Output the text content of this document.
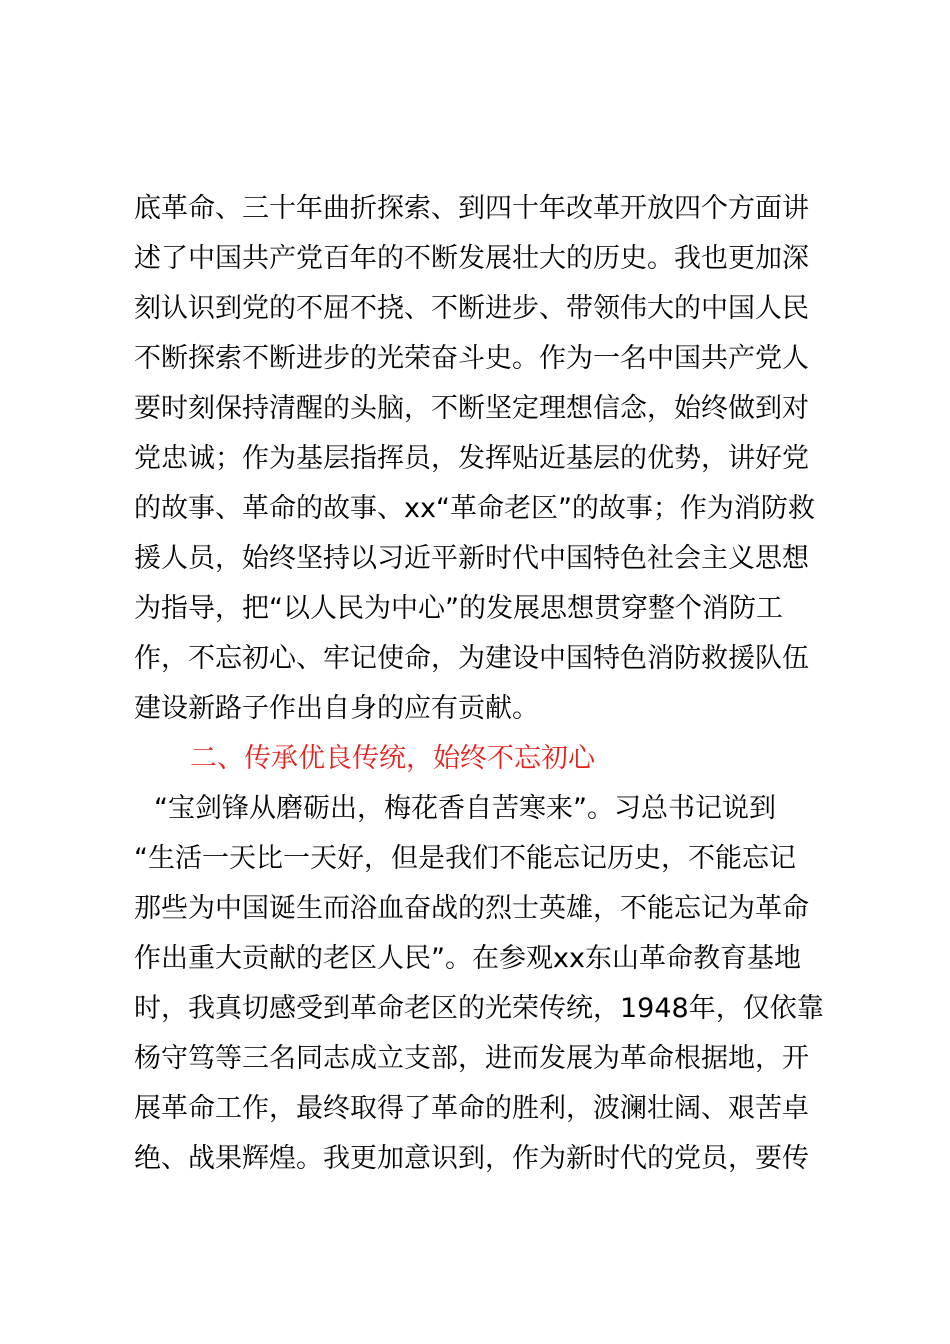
底革命、三十年曲折探索、到四十年改革开放四个方面讲
述了中国共产党百年的不断发展壮大的历史。我也更加深
刻认识到党的不屈不挠、不断进步、带领伟大的中国人民
不断探索不断进步的光荣奋斗史。作为一名中国共产党人
要时刻保持清醒的头脑，不断坚定理想信念，始终做到对
党忠诚；作为基层指挥员，发挥贴近基层的优势，讲好党
的故事、革命的故事、xx“革命老区”的故事；作为消防救
援人员，始终坚持以习近平新时代中国特色社会主义思想
为指导，把“以人民为中心”的发展思想贯穿整个消防工
作，不忘初心、牢记使命，为建设中国特色消防救援队伍
建设新路子作出自身的应有贡献。
二、传承优良传统，始终不忘初心
“宝剑锋从磨砺出，梅花香自苦寒来”。习总书记说到
“生活一天比一天好，但是我们不能忘记历史，不能忘记
那些为中国诞生而浴血奋战的烈士英雄，不能忘记为革命
作出重大贡献的老区人民”。在参观xx东山革命教育基地
时，我真切感受到革命老区的光荣传统，1948年，仅依靠
杨守笃等三名同志成立支部，进而发展为革命根据地，开
展革命工作，最终取得了革命的胜利，波澜壮阔、艰苦卓
绝、战果辉煌。我更加意识到，作为新时代的党员，要传
